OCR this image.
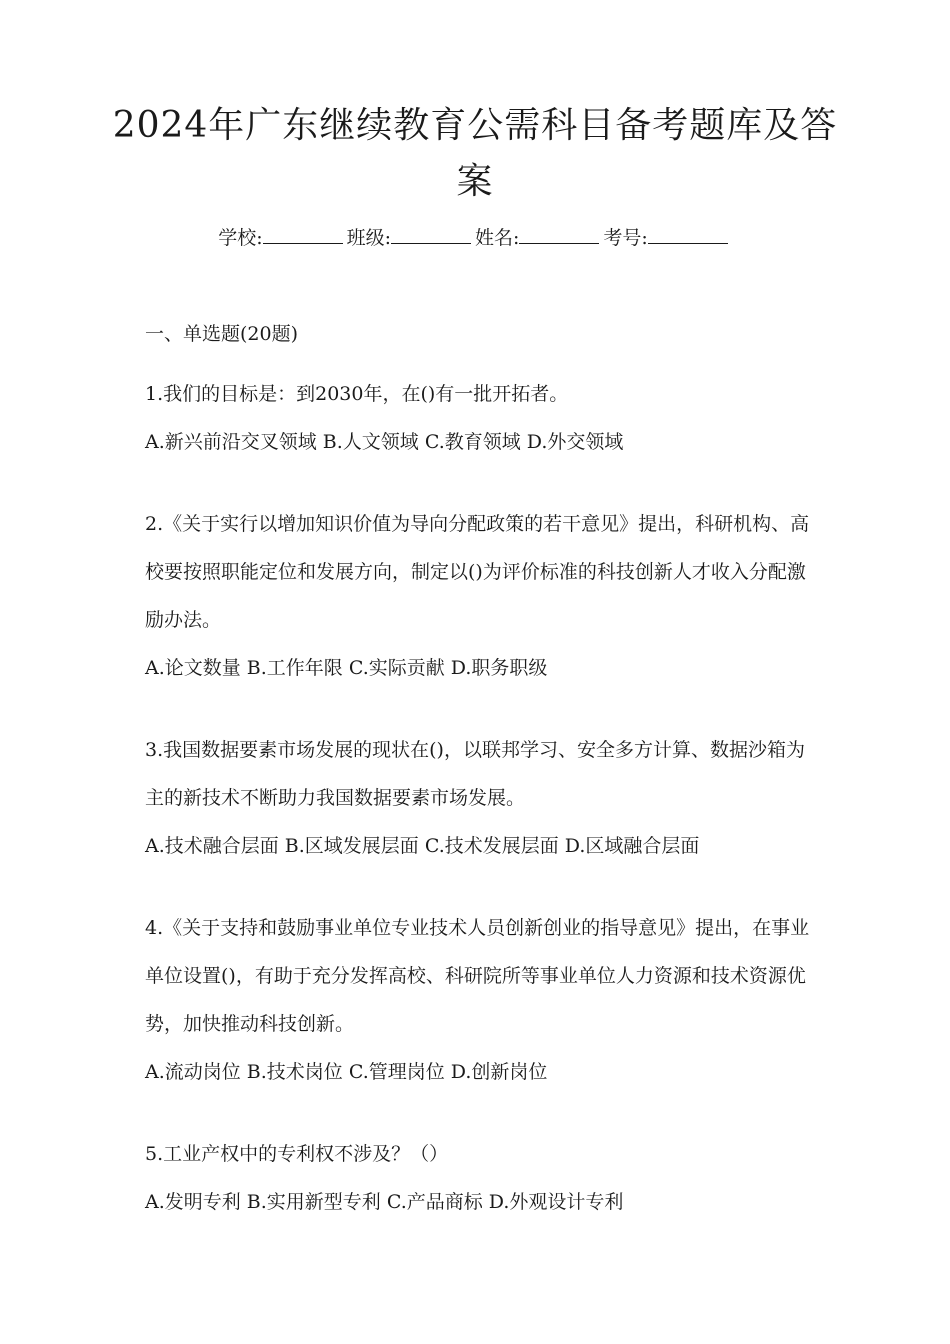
2024年广东继续教育公需科目备考题库及答案
学校:	班级:	姓名:	考号:
一、单选题(20题)

1.我们的目标是：到2030年，在()有一批开拓者。

A.新兴前沿交叉领域 B.人文领域 C.教育领域 D.外交领域

2.《关于实行以增加知识价值为导向分配政策的若干意见》提出，科研机构、高校要按照职能定位和发展方向，制定以()为评价标准的科技创新人才收入分配激励办法。

A.论文数量 B.工作年限 C.实际贡献 D.职务职级

3.我国数据要素市场发展的现状在()，以联邦学习、安全多方计算、数据沙箱为主的新技术不断助力我国数据要素市场发展。

A.技术融合层面 B.区域发展层面 C.技术发展层面 D.区域融合层面

4.《关于支持和鼓励事业单位专业技术人员创新创业的指导意见》提出，在事业单位设置()，有助于充分发挥高校、科研院所等事业单位人力资源和技术资源优势，加快推动科技创新。

A.流动岗位 B.技术岗位 C.管理岗位 D.创新岗位

5.工业产权中的专利权不涉及？（）

A.发明专利 B.实用新型专利 C.产品商标 D.外观设计专利
